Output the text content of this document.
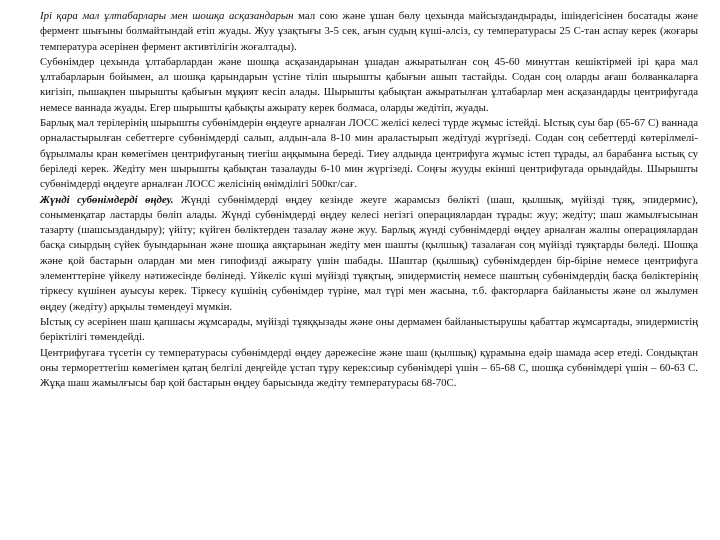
Ірі қара мал ұлтабарлары мен шошқа асқазандарын мал сою және ұшан бөлу цехында майсыздандырады, ішіндегісінен босатады және фермент шығыны болмайтындай етіп жуады. Жуу ұзақтығы 3-5 сек, ағын судың күші-әлсіз, су температурасы 25 С-тан аспау керек (жоғары температура әсерінен фермент активтілігін жоғалтады).

Субөнімдер цехында ұлтабарлардан және шошқа асқазандарынан ұшадан ажыратылған соң 45-60 минуттан кешіктірмей ірі қара мал ұлтабарларын бойымен, ал шошқа қарындарын үстіне тіліп шырышты қабығын ашып тастайды. Содан соң оларды ағаш болванкаларға кигізіп, пышақпен шырышты қабығын мұқият кесіп алады. Шырышты қабықтан ажыратылған ұлтабарлар мен асқазандарды центрифугада немесе ваннада жуады. Егер шырышты қабықты ажырату керек болмаса, оларды жедітіп, жуады.

Барлық мал терілерінің шырышты субөнімдерін өңдеуге арналған ЛОСС желісі келесі түрде жұмыс істейді. Ыстық суы бар (65-67 С) ваннада орналастырылған себеттерге субөнімдерді салып, алдын-ала 8-10 мин араластырып жедітуді жүргізеді. Содан соң себеттерді көтерілмелі-бұрылмалы кран көмегімен центрифуганың тиегіш аңқымына береді. Тиеу алдында центрифуга жұмыс істеп тұрады, ал барабанға ыстық су беріледі керек. Жедіту мен шырышты қабықтан тазалауды 6-10 мин жүргізеді. Соңғы жууды екінші центрифугада орындайды. Шырышты субөнімдерді өңдеуге арналған ЛОСС желісінің өнімділігі 500кг/сағ.

Жүнді субөнімдерді өңдеу. Жүнді субөнімдерді өңдеу кезінде жеуге жарамсыз бөлікті (шаш, қылшық, мүйізді тұяқ, эпидермис), соныменқатар ластарды бөліп алады. Жүнді субөнімдерді өңдеу келесі негізгі операциялардан тұрады: жуу; жедіту; шаш жамылғысынан тазарту (шашсыздандыру); үйіту; күйген бөліктерден тазалау және жуу. Барлық жүнді субөнімдерді өңдеу арналған жалпы операциялардан басқа сиырдың сүйек буындарынан және шошқа аяқтарынан жедіту мен шашты (қылшық) тазалаған соң мүйізді тұяқтарды бөледі. Шошқа және қой бастарын олардан ми мен гипофизді ажырату үшін шабады. Шаштар (қылшық) субөнімдерден бір-біріне немесе центрифуга элементтеріне үйкелу нәтижесінде бөлінеді. Үйкеліс күші мүйізді тұяқтың, эпидермистің немесе шаштың субөнімдердің басқа бөліктерінің тіркесу күшінен ауысуы керек. Тіркесу күшінің субөнімдер түріне, мал түрі мен жасына, т.б. факторларға байланысты және ол жылумен өңдеу (жедіту) арқылы төмендеуі мүмкін.

Ыстық су әсерінен шаш қапшасы жұмсарады, мүйізді тұяққызады және оны дермамен байланыстырушы қабаттар жұмсартады, эпидермистің беріктілігі төмендейді.

Центрифугаға түсетін су температурасы субөнімдерді өңдеу дәрежесіне және шаш (қылшық) құрамына едәір шамада әсер етеді. Сондықтан оны термореттегіш көмегімен қатаң белгілі деңгейде ұстап тұру керек:сиыр субөнімдері үшін – 65-68 С, шошқа субөнімдері үшін – 60-63 С. Жұқа шаш жамылғысы бар қой бастарын өңдеу барысында жедіту температурасы 68-70С.
